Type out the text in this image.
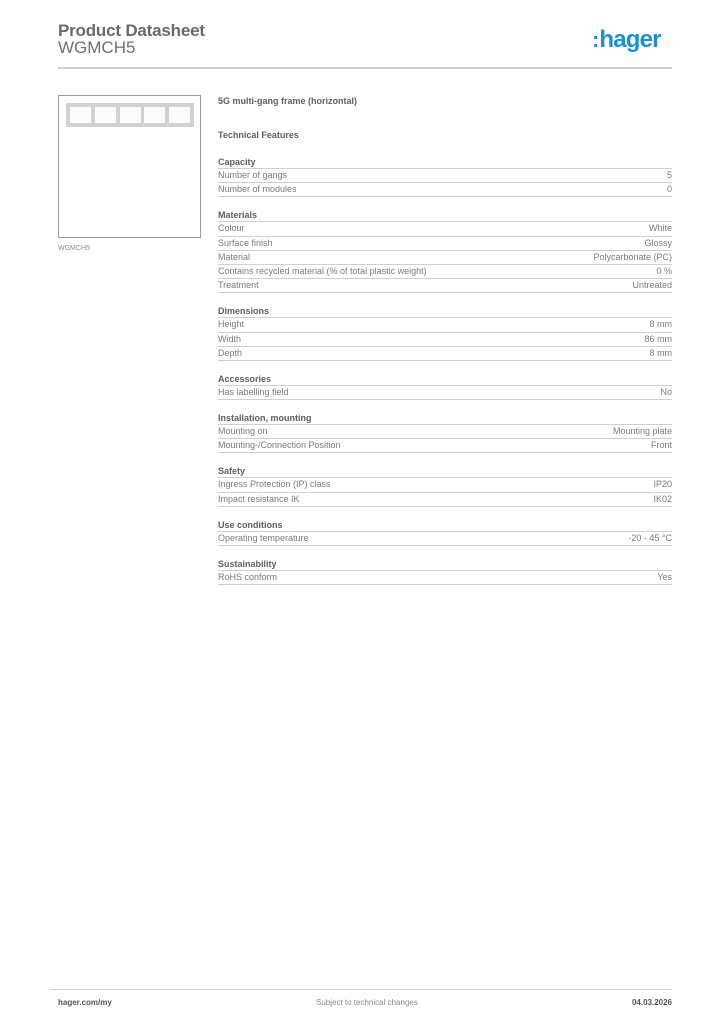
Product Datasheet
WGMCH5	:hager
WGMCH5
5G multi-gang frame (horizontal)
Technical Features
Capacity
Number of gangs	5
Number of modules	0
Materials
Colour	White
Surface finish	Glossy
Material	Polycarbonate (PC)
Contains recycled material (% of total plastic weight)	0 %
Treatment	Untreated
Dimensions
Height	8 mm
Width	86 mm
Depth	8 mm
Accessories
Has labelling field	No
Installation, mounting
Mounting on	Mounting plate
Mounting-/Connection Position	Front
Safety
Ingress Protection (IP) class	IP20
Impact resistance IK	IK02
Use conditions
Operating temperature	-20 - 45 °C
Sustainability
RoHS conform	Yes
hager.com/my	Subject to technical changes	04.03.2026
